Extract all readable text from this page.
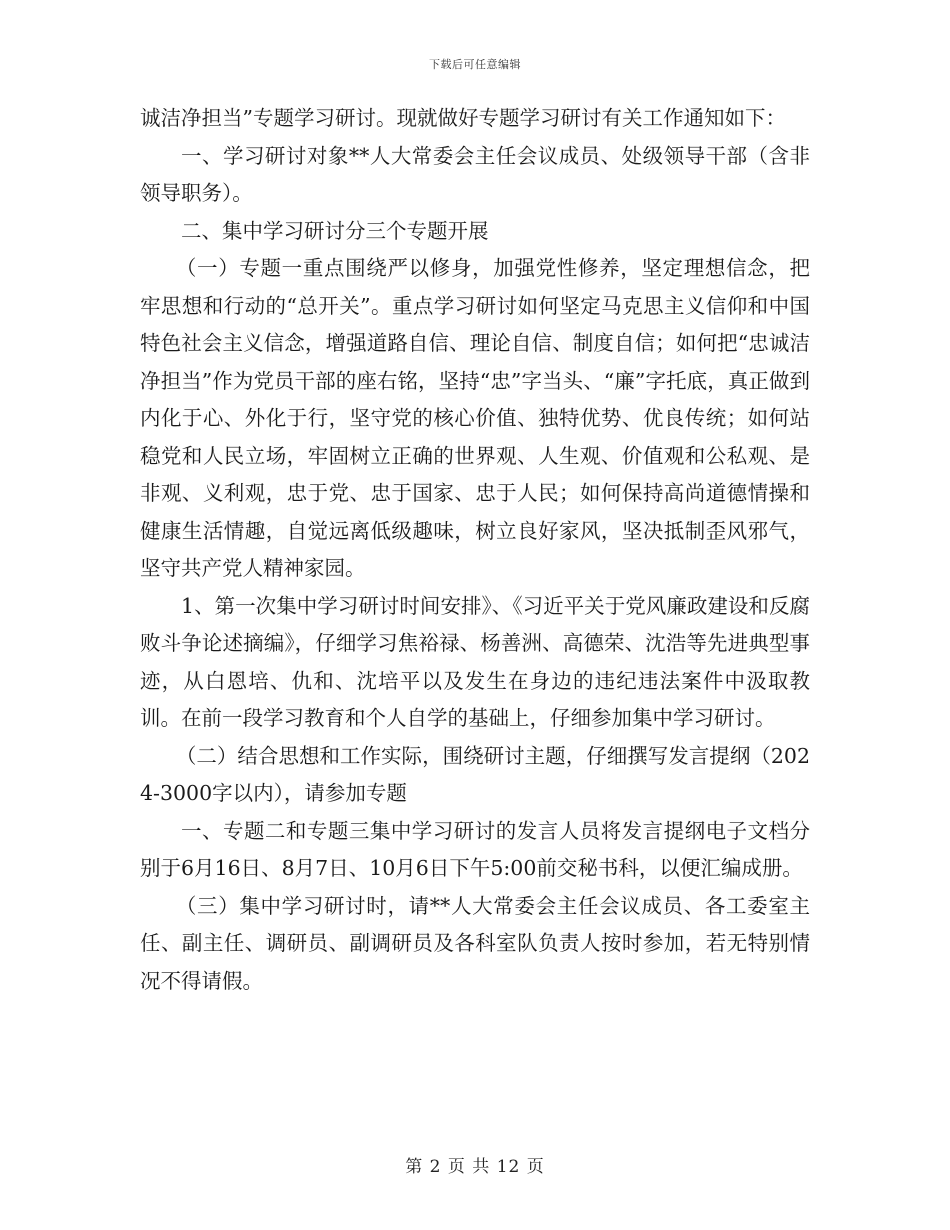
下载后可任意编辑

诚洁净担当”专题学习研讨。现就做好专题学习研讨有关工作通知如下：

一、学习研讨对象**人大常委会主任会议成员、处级领导干部（含非领导职务）。

二、集中学习研讨分三个专题开展

（一）专题一重点围绕严以修身，加强党性修养，坚定理想信念，把牢思想和行动的“总开关”。重点学习研讨如何坚定马克思主义信仰和中国特色社会主义信念，增强道路自信、理论自信、制度自信；如何把“忠诚洁净担当”作为党员干部的座右铭，坚持“忠”字当头、“廉”字托底，真正做到内化于心、外化于行，坚守党的核心价值、独特优势、优良传统；如何站稳党和人民立场，牢固树立正确的世界观、人生观、价值观和公私观、是非观、义利观，忠于党、忠于国家、忠于人民；如何保持高尚道德情操和健康生活情趣，自觉远离低级趣味，树立良好家风，坚决抵制歪风邪气，坚守共产党人精神家园。

1、第一次集中学习研讨时间安排》、《习近平关于党风廉政建设和反腐败斗争论述摘编》，仔细学习焦裕禄、杨善洲、高德荣、沈浩等先进典型事迹，从白恩培、仇和、沈培平以及发生在身边的违纪违法案件中汲取教训。在前一段学习教育和个人自学的基础上，仔细参加集中学习研讨。

（二）结合思想和工作实际，围绕研讨主题，仔细撰写发言提纲（2024-3000字以内），请参加专题

一、专题二和专题三集中学习研讨的发言人员将发言提纲电子文档分别于6月16日、8月7日、10月6日下午5:00前交秘书科，以便汇编成册。

（三）集中学习研讨时，请**人大常委会主任会议成员、各工委室主任、副主任、调研员、副调研员及各科室队负责人按时参加，若无特别情况不得请假。

第 2 页 共 12 页
